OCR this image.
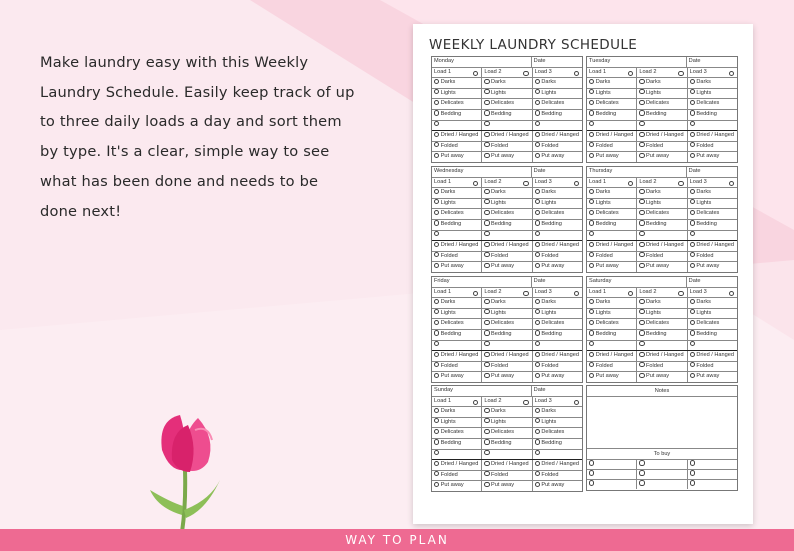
Make laundry easy with this Weekly Laundry Schedule. Easily keep track of up to three daily loads a day and sort them by type. It's a clear, simple way to see what has been done and needs to be done next!
WEEKLY LAUNDRY SCHEDULE
Monday	Date
Load 1	Load 2	Load 3
Darks	Darks	Darks
Lights	Lights	Lights
Delicates	Delicates	Delicates
Bedding	Bedding	Bedding
Dried / Hanged	Dried / Hanged	Dried / Hanged
Folded	Folded	Folded
Put away	Put away	Put away
Tuesday	Date
Load 1	Load 2	Load 3
Darks	Darks	Darks
Lights	Lights	Lights
Delicates	Delicates	Delicates
Bedding	Bedding	Bedding
Dried / Hanged	Dried / Hanged	Dried / Hanged
Folded	Folded	Folded
Put away	Put away	Put away
Wednesday	Date
Load 1	Load 2	Load 3
Darks	Darks	Darks
Lights	Lights	Lights
Delicates	Delicates	Delicates
Bedding	Bedding	Bedding
Dried / Hanged	Dried / Hanged	Dried / Hanged
Folded	Folded	Folded
Put away	Put away	Put away
Thursday	Date
Load 1	Load 2	Load 3
Darks	Darks	Darks
Lights	Lights	Lights
Delicates	Delicates	Delicates
Bedding	Bedding	Bedding
Dried / Hanged	Dried / Hanged	Dried / Hanged
Folded	Folded	Folded
Put away	Put away	Put away
Friday	Date
Load 1	Load 2	Load 3
Darks	Darks	Darks
Lights	Lights	Lights
Delicates	Delicates	Delicates
Bedding	Bedding	Bedding
Dried / Hanged	Dried / Hanged	Dried / Hanged
Folded	Folded	Folded
Put away	Put away	Put away
Saturday	Date
Load 1	Load 2	Load 3
Darks	Darks	Darks
Lights	Lights	Lights
Delicates	Delicates	Delicates
Bedding	Bedding	Bedding
Dried / Hanged	Dried / Hanged	Dried / Hanged
Folded	Folded	Folded
Put away	Put away	Put away
Sunday	Date
Load 1	Load 2	Load 3
Darks	Darks	Darks
Lights	Lights	Lights
Delicates	Delicates	Delicates
Bedding	Bedding	Bedding
Dried / Hanged	Dried / Hanged	Dried / Hanged
Folded	Folded	Folded
Put away	Put away	Put away
Notes
To buy
WAY TO PLAN
